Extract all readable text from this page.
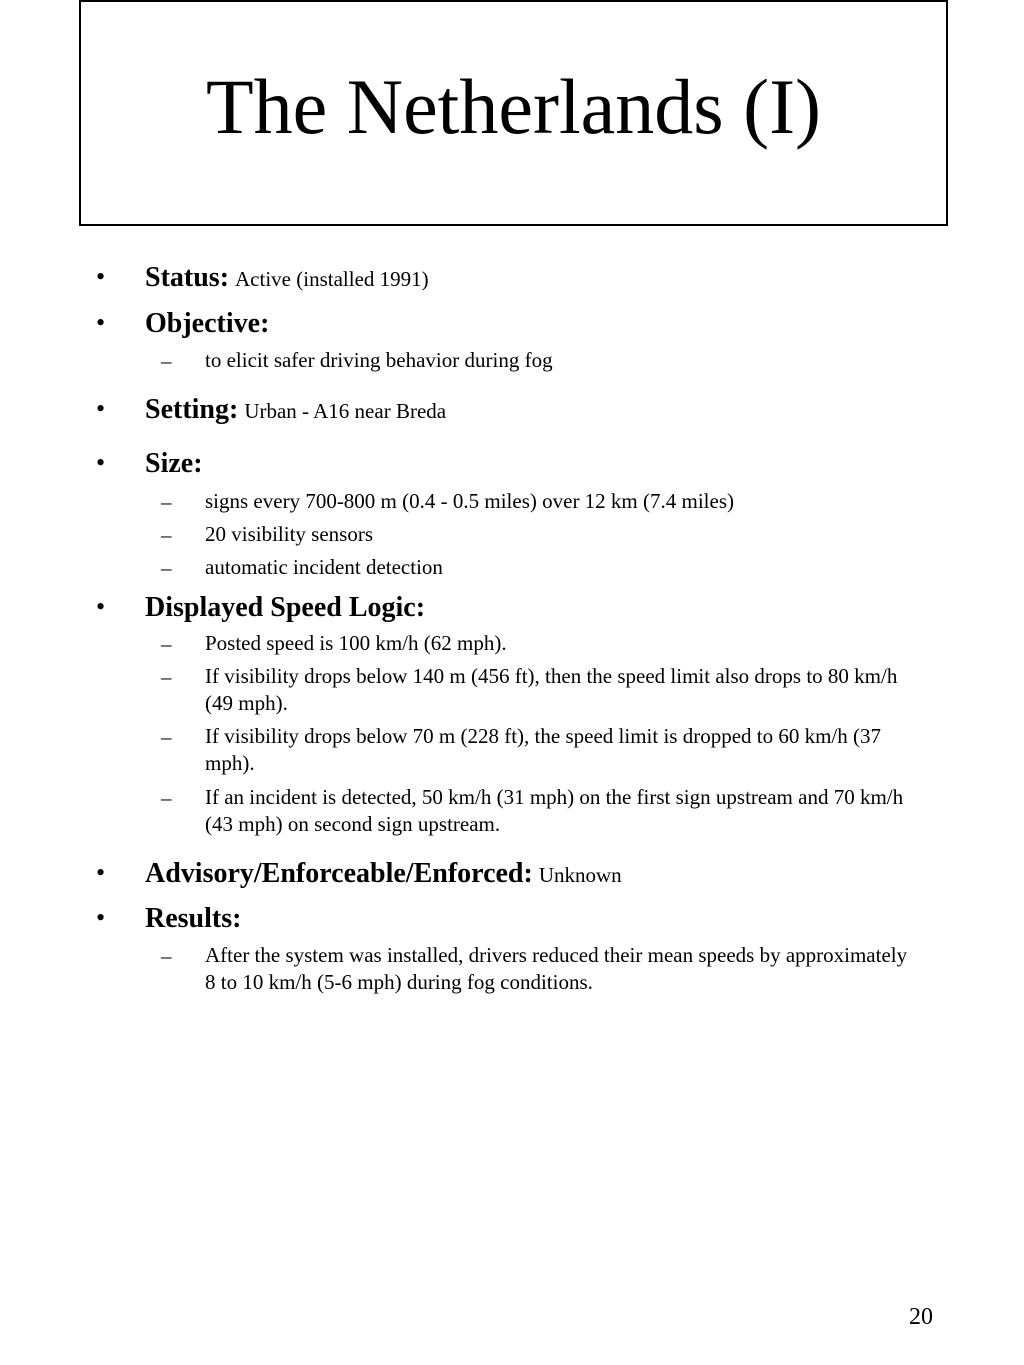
The Netherlands (I)
• Status: Active (installed 1991)
• Objective:
– to elicit safer driving behavior during fog
• Setting: Urban - A16 near Breda
• Size:
– signs every 700-800 m (0.4 - 0.5 miles) over 12 km (7.4 miles)
– 20 visibility sensors
– automatic incident detection
• Displayed Speed Logic:
– Posted speed is 100 km/h (62 mph).
– If visibility drops below 140 m (456 ft), then the speed limit also drops to 80 km/h (49 mph).
– If visibility drops below 70 m (228 ft), the speed limit is dropped to 60 km/h (37 mph).
– If an incident is detected, 50 km/h (31 mph) on the first sign upstream and 70 km/h (43 mph) on second sign upstream.
• Advisory/Enforceable/Enforced: Unknown
• Results:
– After the system was installed, drivers reduced their mean speeds by approximately 8 to 10 km/h (5-6 mph) during fog conditions.
20
